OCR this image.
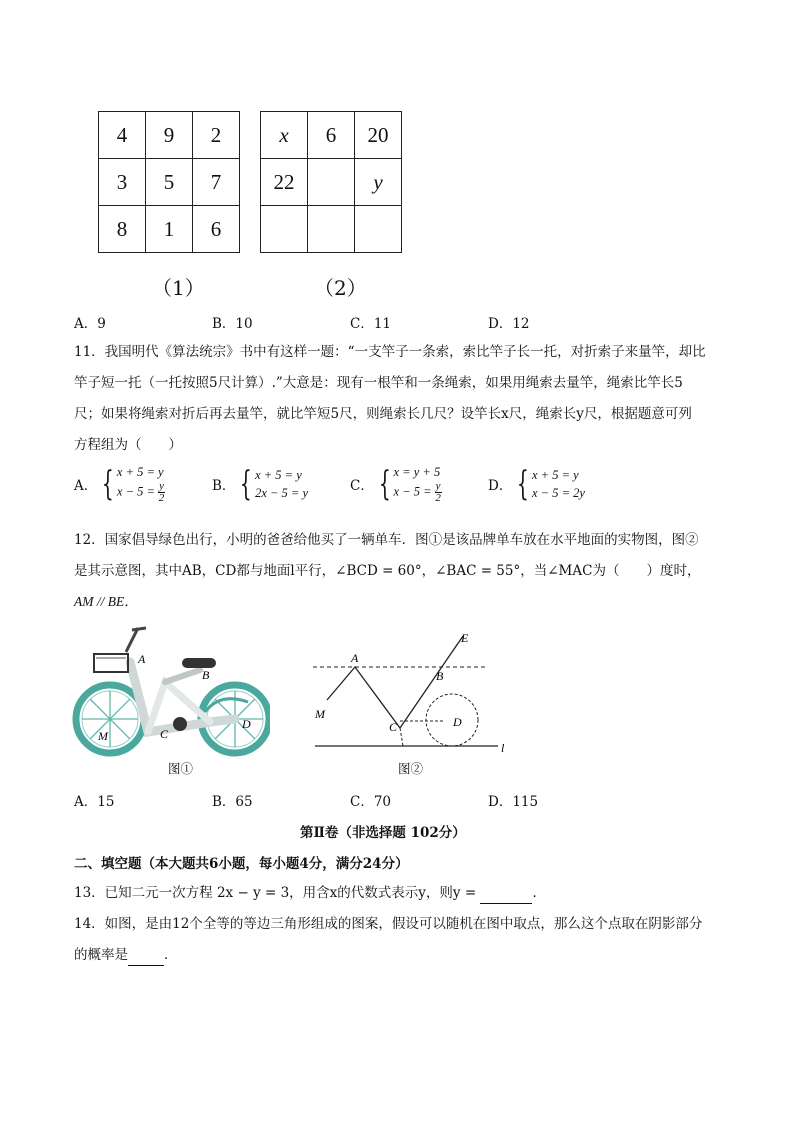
4	9	2
3	5	7
8	1	6
（1）
x	6	20
22		y

（2）
A．9	B．10	C．11	D．12
11．我国明代《算法统宗》书中有这样一题：“一支竿子一条索，索比竿子长一托，对折索子来量竿，却比
竿子短一托（一托按照5尺计算）.”大意是：现有一根竿和一条绳索，如果用绳索去量竿，绳索比竿长5
尺；如果将绳索对折后再去量竿，就比竿短5尺，则绳索长几尺？设竿长x尺，绳索长y尺，根据题意可列
方程组为（　　）
A． { x + 5 = y
$x - 5 = \frac{y}{2}$	B． { x + 5 = y
2x − 5 = y	C． { x = y + 5
$x - 5 = \frac{y}{2}$	D． { x + 5 = y
x − 5 = 2y
12．国家倡导绿色出行，小明的爸爸给他买了一辆单车．图①是该品牌单车放在水平地面的实物图，图②
是其示意图，其中AB，CD都与地面l平行，∠BCD = 60°，∠BAC = 55°，当∠MAC为（　　）度时，
AM // BE．
A
B
C
D
M
图①
A
B
C	D
E
M
l
图②
A．15	B．65	C．70	D．115
第Ⅱ卷（非选择题 102分）
二、填空题（本大题共6小题，每小题4分，满分24分）
13．已知二元一次方程 2x − y = 3，用含x的代数式表示y，则y =	．
14．如图，是由12个全等的等边三角形组成的图案，假设可以随机在图中取点，那么这个点取在阴影部分
的概率是	．
